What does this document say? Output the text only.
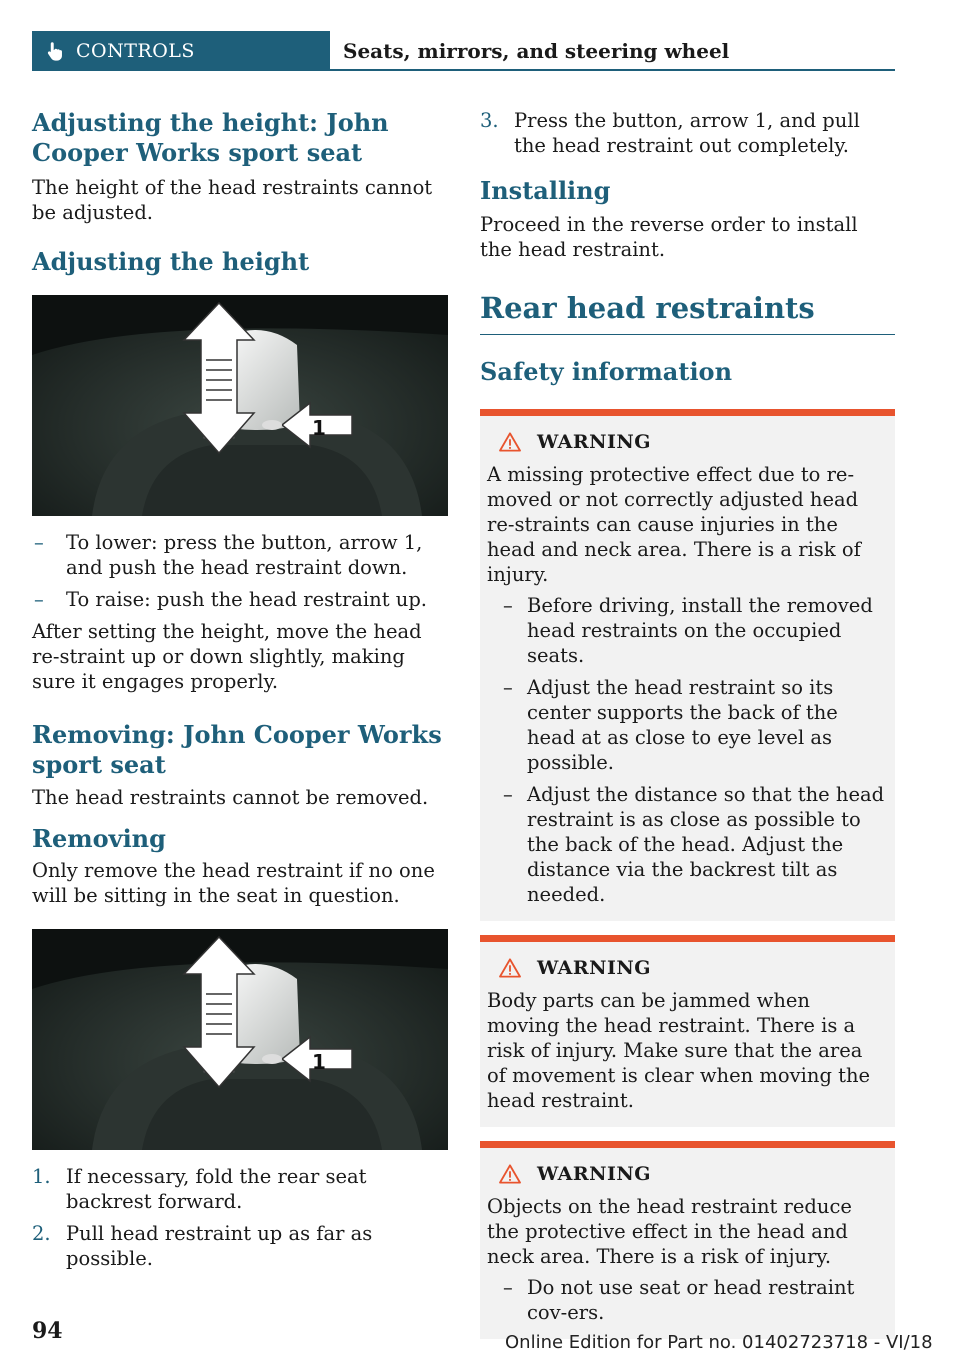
CONTROLS	Seats, mirrors, and steering wheel
Adjusting the height: John Cooper Works sport seat

The height of the head restraints cannot be adjusted.

Adjusting the height
1
– To lower: press the button, arrow 1, and push the head restraint down.
– To raise: push the head restraint up.

After setting the height, move the head re-straint up or down slightly, making sure it engages properly.

Removing: John Cooper Works sport seat

The head restraints cannot be removed.

Removing

Only remove the head restraint if no one will be sitting in the seat in question.

1
1. If necessary, fold the rear seat backrest forward.
2. Pull head restraint up as far as possible.
3. Press the button, arrow 1, and pull the head restraint out completely.
Installing

Proceed in the reverse order to install the head restraint.

Rear head restraints
Safety information
WARNING

A missing protective effect due to re-moved or not correctly adjusted head re-straints can cause injuries in the head and neck area. There is a risk of injury.

– Before driving, install the removed head restraints on the occupied seats.
– Adjust the head restraint so its center supports the back of the head at as close to eye level as possible.
– Adjust the distance so that the head restraint is as close as possible to the back of the head. Adjust the distance via the backrest tilt as needed.
WARNING

Body parts can be jammed when moving the head restraint. There is a risk of injury. Make sure that the area of movement is clear when moving the head restraint.

WARNING

Objects on the head restraint reduce the protective effect in the head and neck area. There is a risk of injury.

– Do not use seat or head restraint cov-ers.
94	Online Edition for Part no. 01402723718 - VI/18
